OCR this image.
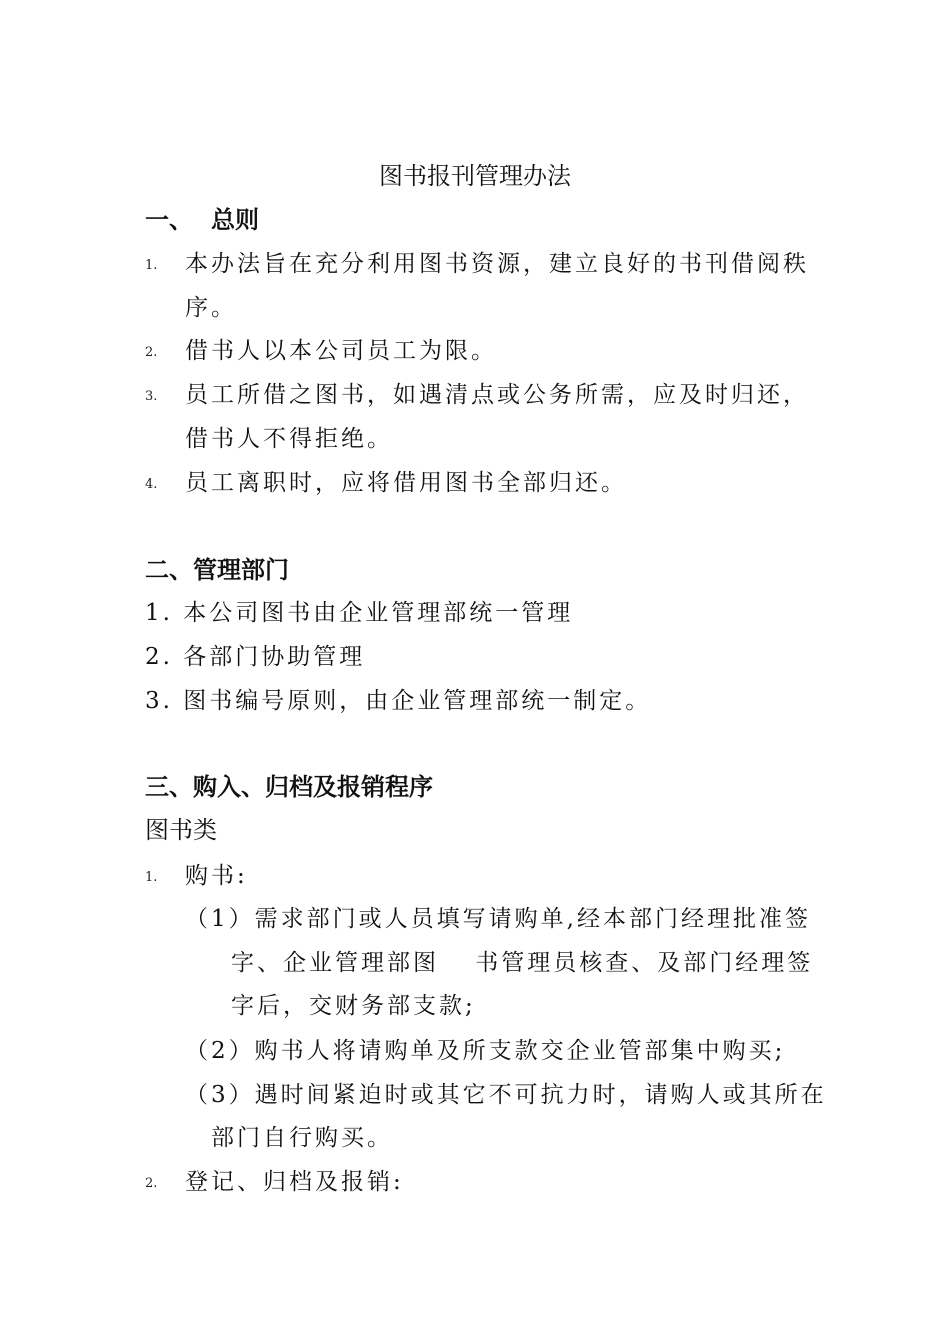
图书报刊管理办法
一、 总则
1. 本办法旨在充分利用图书资源，建立良好的书刊借阅秩
序。
2. 借书人以本公司员工为限。
3. 员工所借之图书，如遇清点或公务所需，应及时归还，
借书人不得拒绝。
4. 员工离职时，应将借用图书全部归还。
二、管理部门
1. 本公司图书由企业管理部统一管理
2. 各部门协助管理
3. 图书编号原则，由企业管理部统一制定。
三、购入、归档及报销程序
图书类
1. 购书:
（1）需求部门或人员填写请购单,经本部门经理批准签
字、企业管理部图　 书管理员核查、及部门经理签
字后，交财务部支款;
（2）购书人将请购单及所支款交企业管部集中购买;
（3）遇时间紧迫时或其它不可抗力时，请购人或其所在
部门自行购买。
2. 登记、归档及报销:
